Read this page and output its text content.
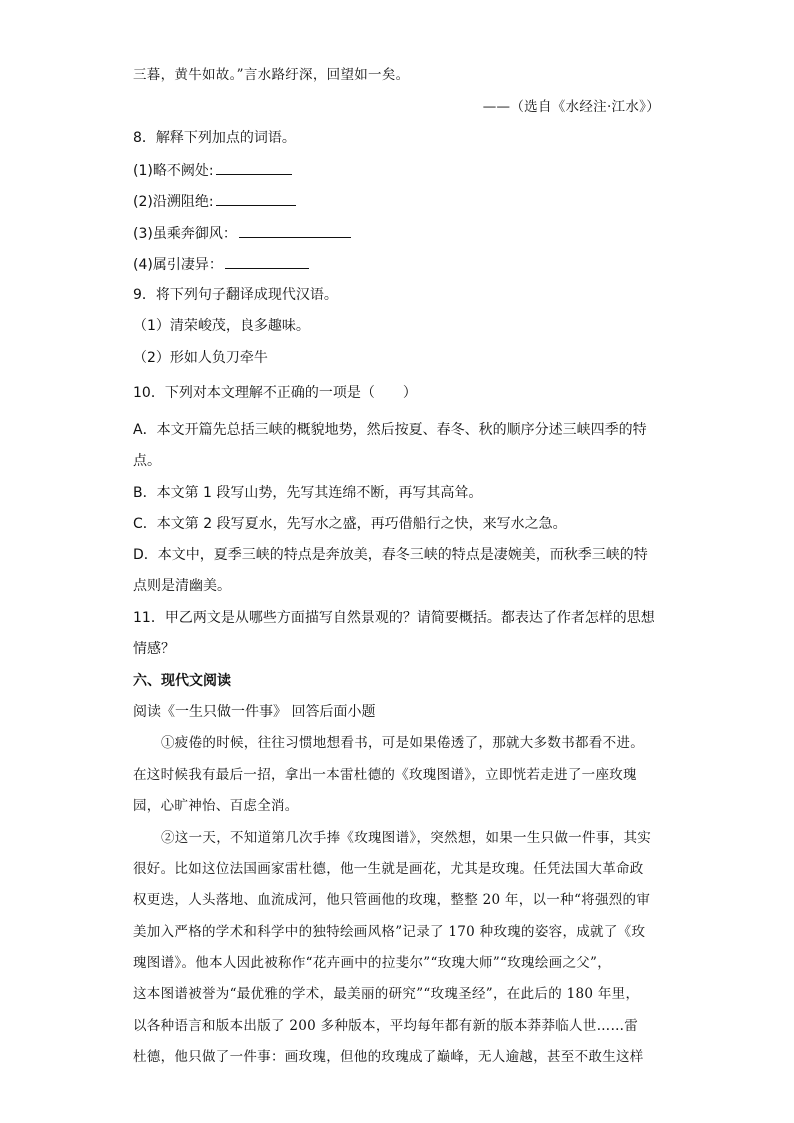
三暮，黄牛如故。”言水路纡深，回望如一矣。
——（选自《水经注·江水》）
8．解释下列加点的词语。
(1)略不阙处:
(2)沿溯阻绝:
(3)虽乘奔御风：
(4)属引凄异：
9．将下列句子翻译成现代汉语。
（1）清荣峻茂，良多趣味。
（2）形如人负刀牵牛
10．下列对本文理解不正确的一项是（　　）
A．本文开篇先总括三峡的概貌地势，然后按夏、春冬、秋的顺序分述三峡四季的特
点。
B．本文第 1 段写山势，先写其连绵不断，再写其高耸。
C．本文第 2 段写夏水，先写水之盛，再巧借船行之快，来写水之急。
D．本文中，夏季三峡的特点是奔放美，春冬三峡的特点是凄婉美，而秋季三峡的特
点则是清幽美。
11．甲乙两文是从哪些方面描写自然景观的？请简要概括。都表达了作者怎样的思想
情感？
六、现代文阅读
阅读《一生只做一件事》 回答后面小题
①疲倦的时候，往往习惯地想看书，可是如果倦透了，那就大多数书都看不进。
在这时候我有最后一招，拿出一本雷杜德的《玫瑰图谱》，立即恍若走进了一座玫瑰
园，心旷神怡、百虑全消。
②这一天，不知道第几次手捧《玫瑰图谱》，突然想，如果一生只做一件事，其实
很好。比如这位法国画家雷杜德，他一生就是画花，尤其是玫瑰。任凭法国大革命政
权更迭，人头落地、血流成河，他只管画他的玫瑰，整整 20 年，以一种“将强烈的审
美加入严格的学术和科学中的独特绘画风格”记录了 170 种玫瑰的姿容，成就了《玫
瑰图谱》。他本人因此被称作“花卉画中的拉斐尔”“玫瑰大师”“玫瑰绘画之父”，
这本图谱被誉为“最优雅的学术，最美丽的研究”“玫瑰圣经”，在此后的 180 年里，
以各种语言和版本出版了 200 多种版本，平均每年都有新的版本莽莽临人世……雷
杜德，他只做了一件事：画玫瑰，但他的玫瑰成了巅峰，无人逾越，甚至不敢生这样
